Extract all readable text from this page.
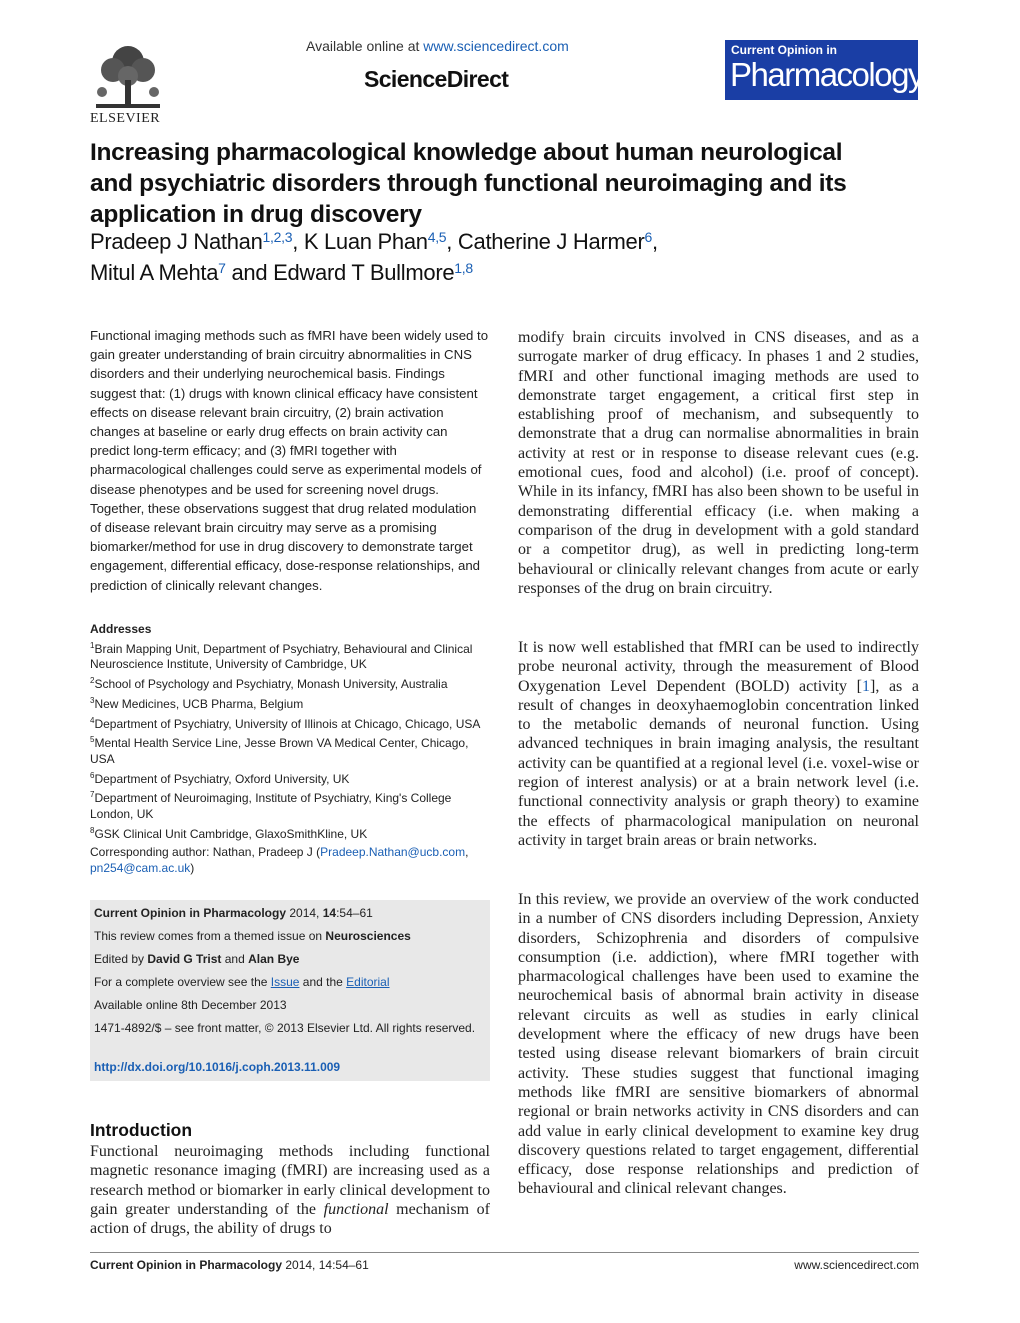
ELSEVIER
Available online at www.sciencedirect.com
ScienceDirect
Current Opinion in
Pharmacology
Increasing pharmacological knowledge about human neurological and psychiatric disorders through functional neuroimaging and its application in drug discovery
Pradeep J Nathan$^{1,2,3}$, K Luan Phan$^{4,5}$, Catherine J Harmer$^6$,
Mitul A Mehta$^7$ and Edward T Bullmore$^{1,8}$
Functional imaging methods such as fMRI have been widely used to gain greater understanding of brain circuitry abnormalities in CNS disorders and their underlying neurochemical basis. Findings suggest that: (1) drugs with known clinical efficacy have consistent effects on disease relevant brain circuitry, (2) brain activation changes at baseline or early drug effects on brain activity can predict long-term efficacy; and (3) fMRI together with pharmacological challenges could serve as experimental models of disease phenotypes and be used for screening novel drugs. Together, these observations suggest that drug related modulation of disease relevant brain circuitry may serve as a promising biomarker/method for use in drug discovery to demonstrate target engagement, differential efficacy, dose-response relationships, and prediction of clinically relevant changes.
Addresses
$^1$Brain Mapping Unit, Department of Psychiatry, Behavioural and Clinical Neuroscience Institute, University of Cambridge, UK
$^2$School of Psychology and Psychiatry, Monash University, Australia
$^3$New Medicines, UCB Pharma, Belgium
$^4$Department of Psychiatry, University of Illinois at Chicago, Chicago, USA
$^5$Mental Health Service Line, Jesse Brown VA Medical Center, Chicago, USA
$^6$Department of Psychiatry, Oxford University, UK
$^7$Department of Neuroimaging, Institute of Psychiatry, King's College London, UK
$^8$GSK Clinical Unit Cambridge, GlaxoSmithKline, UK
Corresponding author: Nathan, Pradeep J (Pradeep.Nathan@ucb.com,
pn254@cam.ac.uk)
Current Opinion in Pharmacology 2014, 14:54–61
This review comes from a themed issue on Neurosciences
Edited by David G Trist and Alan Bye
For a complete overview see the Issue and the Editorial
Available online 8th December 2013
1471-4892/$ – see front matter, © 2013 Elsevier Ltd. All rights reserved.
http://dx.doi.org/10.1016/j.coph.2013.11.009
Introduction
Functional neuroimaging methods including functional magnetic resonance imaging (fMRI) are increasing used as a research method or biomarker in early clinical development to gain greater understanding of the functional mechanism of action of drugs, the ability of drugs to
modify brain circuits involved in CNS diseases, and as a surrogate marker of drug efficacy. In phases 1 and 2 studies, fMRI and other functional imaging methods are used to demonstrate target engagement, a critical first step in establishing proof of mechanism, and subsequently to demonstrate that a drug can normalise abnormalities in brain activity at rest or in response to disease relevant cues (e.g. emotional cues, food and alcohol) (i.e. proof of concept). While in its infancy, fMRI has also been shown to be useful in demonstrating differential efficacy (i.e. when making a comparison of the drug in development with a gold standard or a competitor drug), as well in predicting long-term behavioural or clinically relevant changes from acute or early responses of the drug on brain circuitry.
It is now well established that fMRI can be used to indirectly probe neuronal activity, through the measurement of Blood Oxygenation Level Dependent (BOLD) activity [1], as a result of changes in deoxyhaemoglobin concentration linked to the metabolic demands of neuronal function. Using advanced techniques in brain imaging analysis, the resultant activity can be quantified at a regional level (i.e. voxel-wise or region of interest analysis) or at a brain network level (i.e. functional connectivity analysis or graph theory) to examine the effects of pharmacological manipulation on neuronal activity in target brain areas or brain networks.
In this review, we provide an overview of the work conducted in a number of CNS disorders including Depression, Anxiety disorders, Schizophrenia and disorders of compulsive consumption (i.e. addiction), where fMRI together with pharmacological challenges have been used to examine the neurochemical basis of abnormal brain activity in disease relevant circuits as well as studies in early clinical development where the efficacy of new drugs have been tested using disease relevant biomarkers of brain circuit activity. These studies suggest that functional imaging methods like fMRI are sensitive biomarkers of abnormal regional or brain networks activity in CNS disorders and can add value in early clinical development to examine key drug discovery questions related to target engagement, differential efficacy, dose response relationships and prediction of behavioural and clinical relevant changes.
Current Opinion in Pharmacology 2014, 14:54–61	www.sciencedirect.com
